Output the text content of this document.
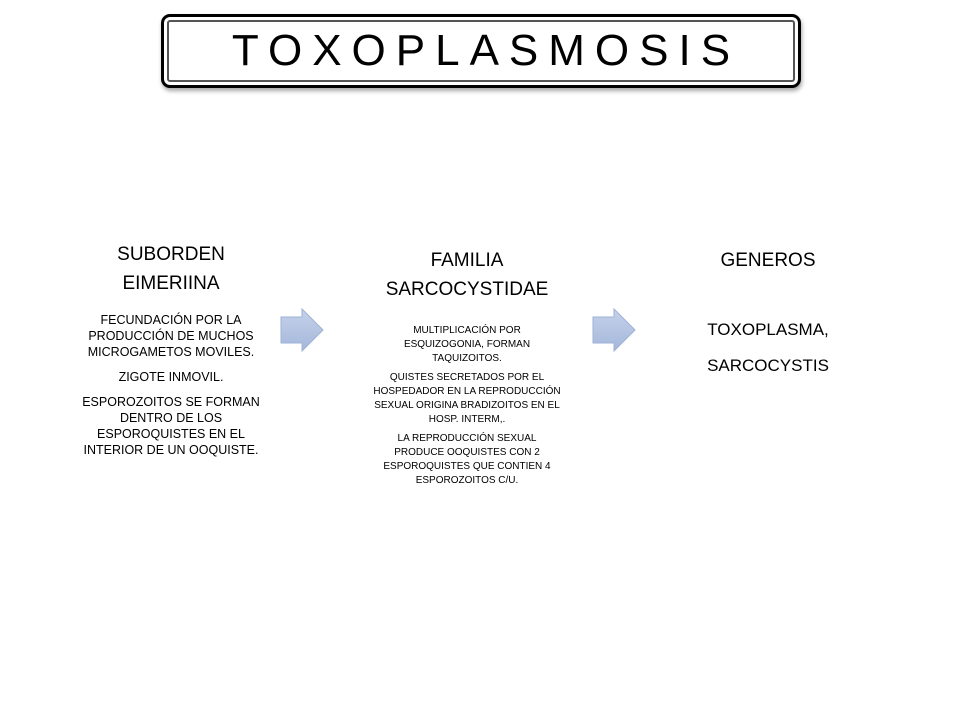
TOXOPLASMOSIS
SUBORDEN
EIMERIINA

FECUNDACIÓN POR LA PRODUCCIÓN DE MUCHOS MICROGAMETOS MOVILES.

ZIGOTE INMOVIL.

ESPOROZOITOS SE FORMAN DENTRO DE LOS ESPOROQUISTES EN EL INTERIOR DE UN OOQUISTE.

FAMILIA
SARCOCYSTIDAE

MULTIPLICACIÓN POR ESQUIZOGONIA, FORMAN TAQUIZOITOS.

QUISTES SECRETADOS POR EL HOSPEDADOR EN LA REPRODUCCIÓN SEXUAL ORIGINA BRADIZOITOS EN EL HOSP. INTERM,.

LA REPRODUCCIÓN SEXUAL PRODUCE OOQUISTES CON 2 ESPOROQUISTES QUE CONTIEN 4 ESPOROZOITOS C/U.

GENEROS
TOXOPLASMA,
SARCOCYSTIS
